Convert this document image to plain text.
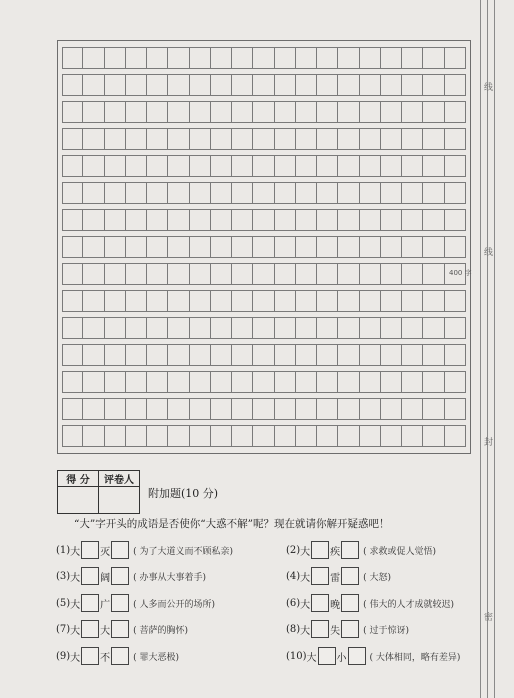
400 字
线
线
封
密
得 分	评卷人

附加题(10 分)
“大”字开头的成语是否使你“大惑不解”呢？现在就请你解开疑惑吧！
(1) 大 灭	( 为了大道义而不顾私亲)	(2) 大 疾	( 求救或促人觉悟)
(3) 大 阔	( 办事从大事着手)	(4) 大 雷	( 大怒)
(5) 大 广	( 人多而公开的场所)	(6) 大 晚	( 伟大的人才成就较迟)
(7) 大 大	( 菩萨的胸怀)	(8) 大 失	( 过于惊讶)
(9) 大 不	( 罪大恶极)	(10) 大 小	( 大体相同，略有差异)
